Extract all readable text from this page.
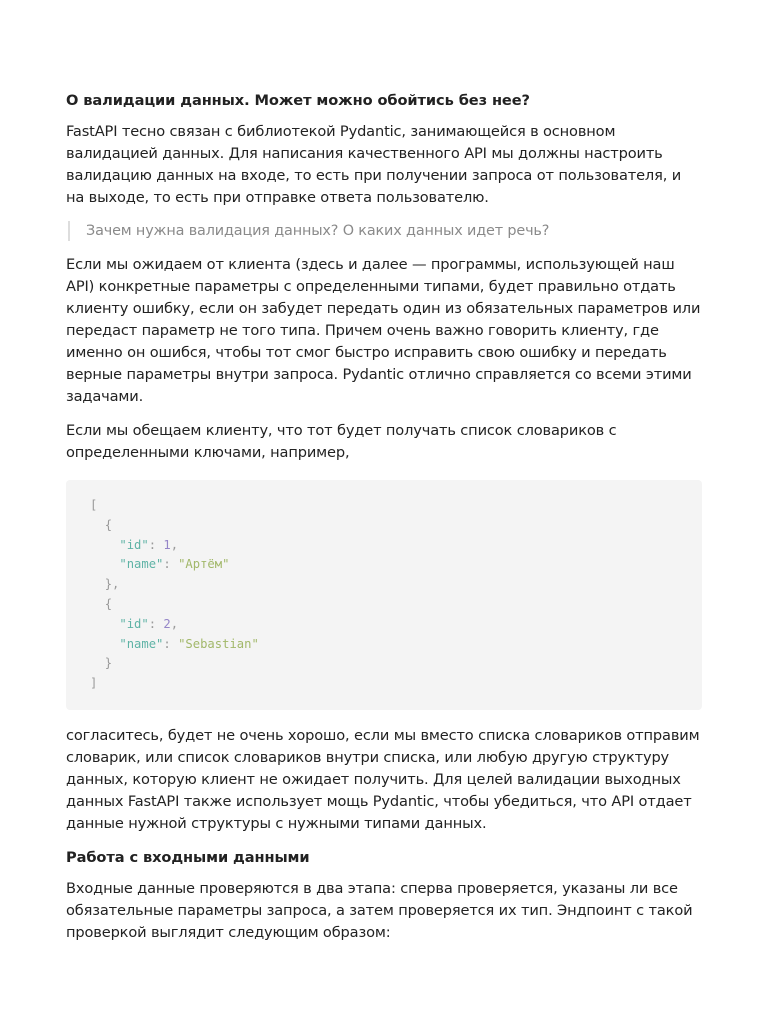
О валидации данных. Может можно обойтись без нее?

FastAPI тесно связан с библиотекой Pydantic, занимающейся в основном валидацией данных. Для написания качественного API мы должны настроить валидацию данных на входе, то есть при получении запроса от пользователя, и на выходе, то есть при отправке ответа пользователю.

Зачем нужна валидация данных? О каких данных идет речь?

Если мы ожидаем от клиента (здесь и далее — программы, использующей наш API) конкретные параметры с определенными типами, будет правильно отдать клиенту ошибку, если он забудет передать один из обязательных параметров или передаст параметр не того типа. Причем очень важно говорить клиенту, где именно он ошибся, чтобы тот смог быстро исправить свою ошибку и передать верные параметры внутри запроса. Pydantic отлично справляется со всеми этими задачами.

Если мы обещаем клиенту, что тот будет получать список словариков с определенными ключами, например,

[
{
"id": 1,
"name": "Артём"
},
{
"id": 2,
"name": "Sebastian"
}
]

согласитесь, будет не очень хорошо, если мы вместо списка словариков отправим словарик, или список словариков внутри списка, или любую другую структуру данных, которую клиент не ожидает получить. Для целей валидации выходных данных FastAPI также использует мощь Pydantic, чтобы убедиться, что API отдает данные нужной структуры с нужными типами данных.

Работа с входными данными

Входные данные проверяются в два этапа: сперва проверяется, указаны ли все обязательные параметры запроса, а затем проверяется их тип. Эндпоинт с такой проверкой выглядит следующим образом:
